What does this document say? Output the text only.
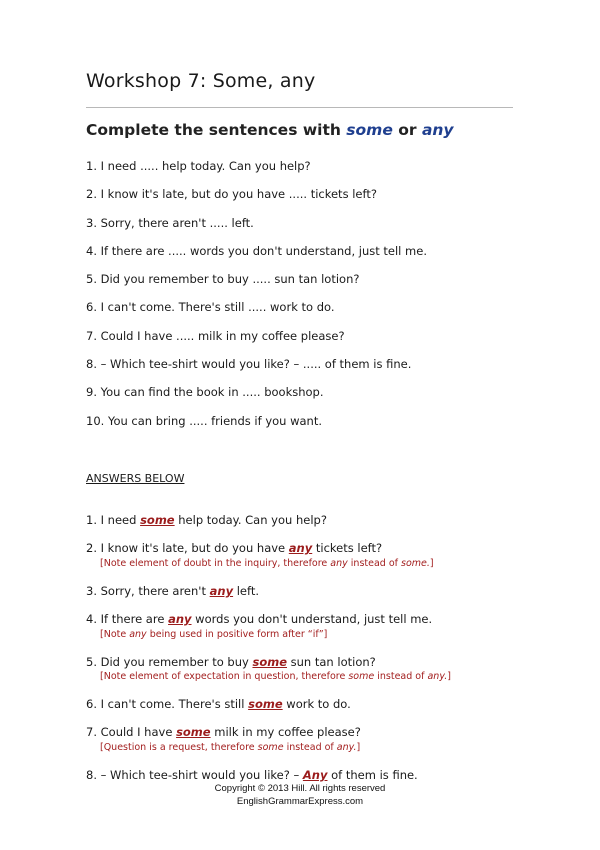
Workshop 7: Some, any
Complete the sentences with some or any
1. I need ..... help today. Can you help?
2. I know it's late, but do you have ..... tickets left?
3. Sorry, there aren't ..... left.
4. If there are ..... words you don't understand, just tell me.
5. Did you remember to buy ..... sun tan lotion?
6. I can't come. There's still ..... work to do.
7. Could I have ..... milk in my coffee please?
8. – Which tee-shirt would you like? – ..... of them is fine.
9. You can find the book in ..... bookshop.
10. You can bring ..... friends if you want.
ANSWERS BELOW
1. I need some help today. Can you help?
2. I know it's late, but do you have any tickets left?
[Note element of doubt in the inquiry, therefore any instead of some.]
3. Sorry, there aren't any left.
4. If there are any words you don't understand, just tell me.
[Note any being used in positive form after “if”]
5. Did you remember to buy some sun tan lotion?
[Note element of expectation in question, therefore some instead of any.]
6. I can't come. There's still some work to do.
7. Could I have some milk in my coffee please?
[Question is a request, therefore some instead of any.]
8. – Which tee-shirt would you like? – Any of them is fine.
Copyright © 2013 Hill. All rights reserved
EnglishGrammarExpress.com
